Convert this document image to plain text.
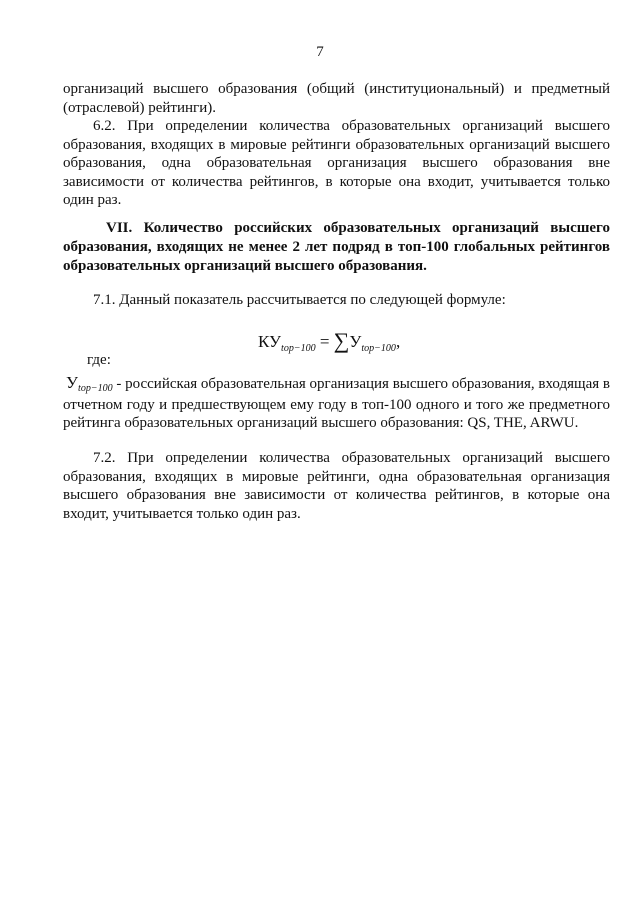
7
организаций высшего образования (общий (институциональный) и предметный (отраслевой) рейтинги).
6.2. При определении количества образовательных организаций высшего образования, входящих в мировые рейтинги образовательных организаций высшего образования, одна образовательная организация высшего образования вне зависимости от количества рейтингов, в которые она входит, учитывается только один раз.
VII. Количество российских образовательных организаций высшего образования, входящих не менее 2 лет подряд в топ-100 глобальных рейтингов образовательных организаций высшего образования.
7.1. Данный показатель рассчитывается по следующей формуле:
$КУ_{top-100} = \sum У_{top-100}$,
где:
$У_{top-100}$ - российская образовательная организация высшего образования, входящая в отчетном году и предшествующем ему году в топ-100 одного и того же предметного рейтинга образовательных организаций высшего образования: QS, THE, ARWU.
7.2. При определении количества образовательных организаций высшего образования, входящих в мировые рейтинги, одна образовательная организация высшего образования вне зависимости от количества рейтингов, в которые она входит, учитывается только один раз.
